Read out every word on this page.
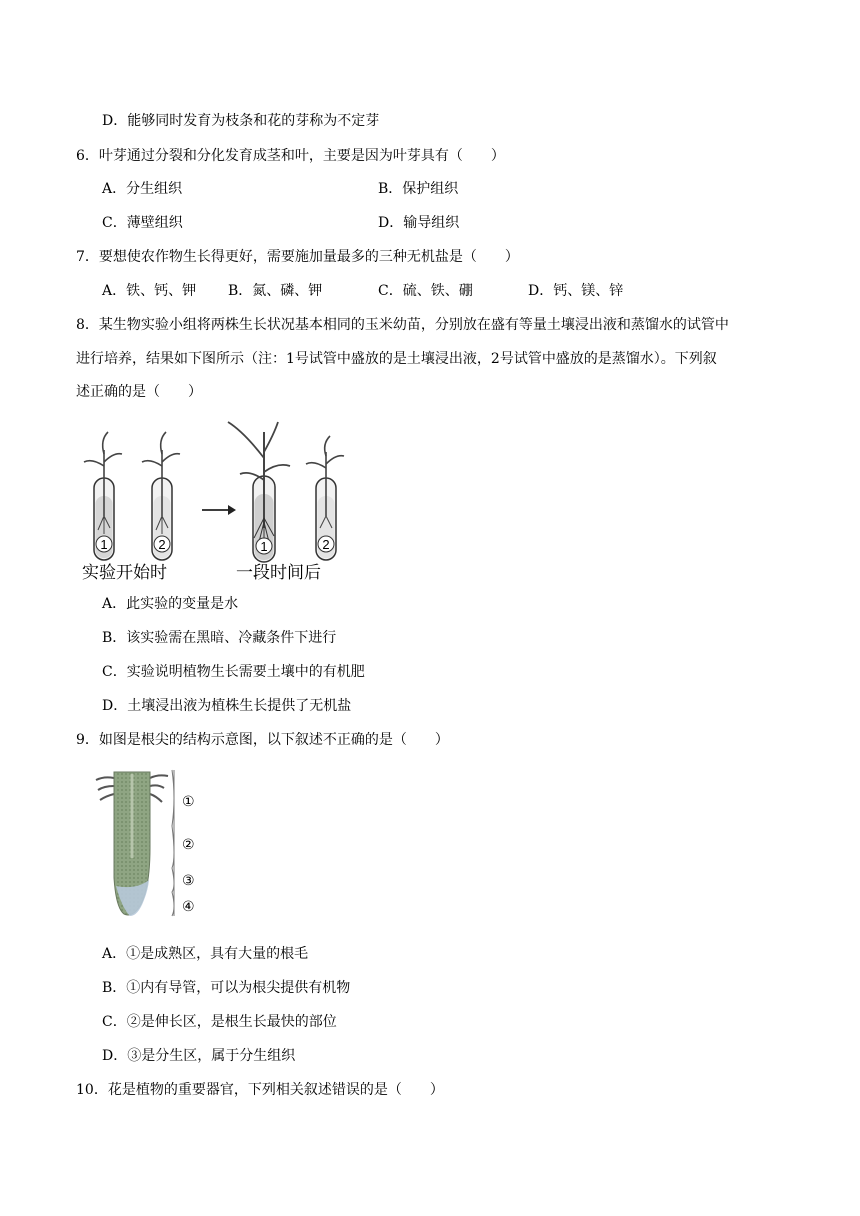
D．能够同时发育为枝条和花的芽称为不定芽
6．叶芽通过分裂和分化发育成茎和叶，主要是因为叶芽具有（　　）
A．分生组织	B．保护组织
C．薄壁组织	D．输导组织
7．要想使农作物生长得更好，需要施加量最多的三种无机盐是（　　）
A．铁、钙、钾 B．氮、磷、钾	C．硫、铁、硼	D．钙、镁、锌
8．某生物实验小组将两株生长状况基本相同的玉米幼苗，分别放在盛有等量土壤浸出液和蒸馏水的试管中
进行培养，结果如下图所示（注：1号试管中盛放的是土壤浸出液，2号试管中盛放的是蒸馏水）。下列叙
述正确的是（　　）
1	2	1	2
实验开始时	一段时间后
A．此实验的变量是水
B．该实验需在黑暗、冷藏条件下进行
C．实验说明植物生长需要土壤中的有机肥
D．土壤浸出液为植株生长提供了无机盐
9．如图是根尖的结构示意图，以下叙述不正确的是（　　）
①
②
③
④
A．①是成熟区，具有大量的根毛
B．①内有导管，可以为根尖提供有机物
C．②是伸长区，是根生长最快的部位
D．③是分生区，属于分生组织
10．花是植物的重要器官，下列相关叙述错误的是（　　）
